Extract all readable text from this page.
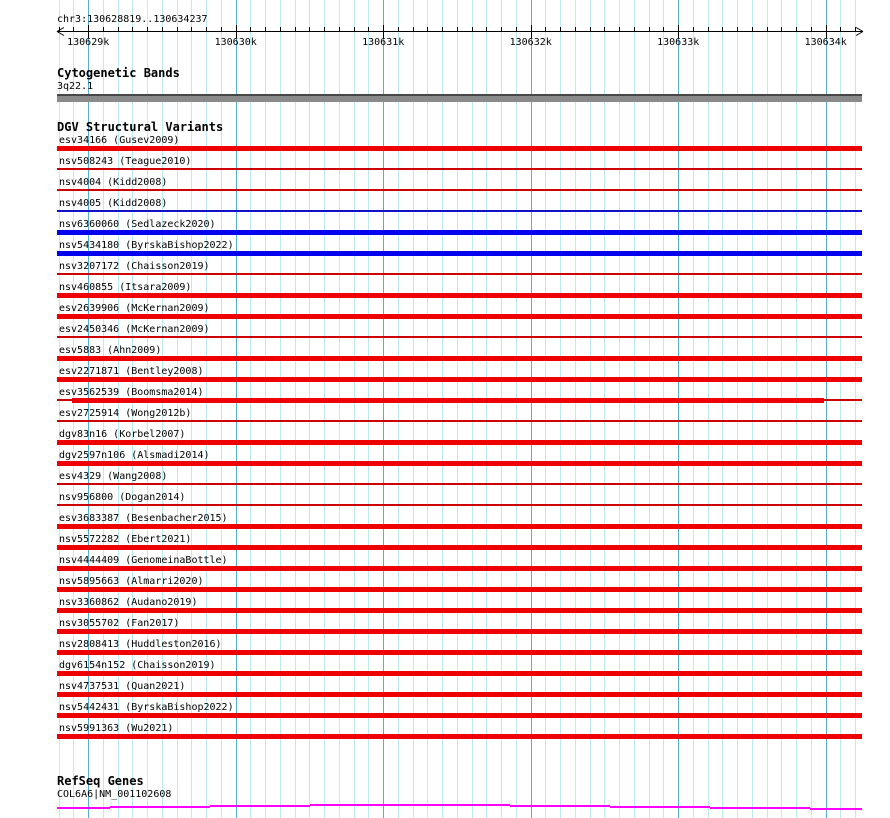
chr3:130628819..130634237
130629k	130630k	130631k	130632k	130633k	130634k
Cytogenetic Bands
3q22.1
DGV Structural Variants
esv34166 (Gusev2009)
nsv508243 (Teague2010)
nsv4004 (Kidd2008)
nsv4005 (Kidd2008)
nsv6360060 (Sedlazeck2020)
nsv5434180 (ByrskaBishop2022)
nsv3207172 (Chaisson2019)
nsv460855 (Itsara2009)
esv2639906 (McKernan2009)
esv2450346 (McKernan2009)
esv5883 (Ahn2009)
esv2271871 (Bentley2008)
esv3562539 (Boomsma2014)
esv2725914 (Wong2012b)
dgv83n16 (Korbel2007)
dgv2597n106 (Alsmadi2014)
esv4329 (Wang2008)
nsv956800 (Dogan2014)
esv3683387 (Besenbacher2015)
nsv5572282 (Ebert2021)
nsv4444409 (GenomeinaBottle)
nsv5895663 (Almarri2020)
nsv3360862 (Audano2019)
nsv3055702 (Fan2017)
nsv2808413 (Huddleston2016)
dgv6154n152 (Chaisson2019)
nsv4737531 (Quan2021)
nsv5442431 (ByrskaBishop2022)
nsv5991363 (Wu2021)
RefSeq Genes
COL6A6|NM_001102608
